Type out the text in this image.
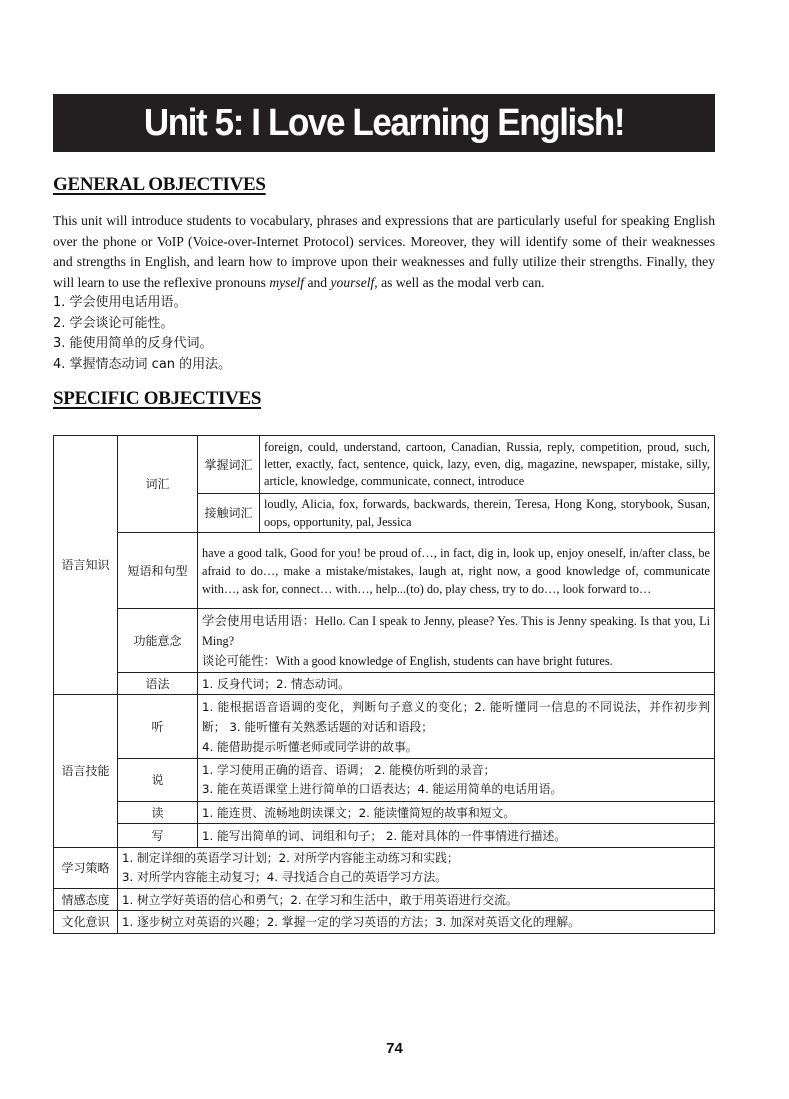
Unit 5: I Love Learning English!
GENERAL OBJECTIVES
This unit will introduce students to vocabulary, phrases and expressions that are particularly useful for speaking English over the phone or VoIP (Voice-over-Internet Protocol) services. Moreover, they will identify some of their weaknesses and strengths in English, and learn how to improve upon their weaknesses and fully utilize their strengths. Finally, they will learn to use the reflexive pronouns myself and yourself, as well as the modal verb can.
1. 学会使用电话用语。
2. 学会谈论可能性。
3. 能使用简单的反身代词。
4. 掌握情态动词 can 的用法。
SPECIFIC OBJECTIVES
语言知识	词汇	掌握词汇	foreign, could, understand, cartoon, Canadian, Russia, reply, competition, proud, such, letter, exactly, fact, sentence, quick, lazy, even, dig, magazine, newspaper, mistake, silly, article, knowledge, communicate, connect, introduce
		接触词汇	loudly, Alicia, fox, forwards, backwards, therein, Teresa, Hong Kong, storybook, Susan, oops, opportunity, pal, Jessica
	短语和句型	have a good talk, Good for you! be proud of…, in fact, dig in, look up, enjoy oneself, in/after class, be afraid to do…, make a mistake/mistakes, laugh at, right now, a good knowledge of, communicate with…, ask for, connect… with…, help...(to) do, play chess, try to do…, look forward to…	
	功能意念	学会使用电话用语：Hello. Can I speak to Jenny, please? Yes. This is Jenny speaking. Is that you, Li Ming?
谈论可能性：With a good knowledge of English, students can have bright futures.	

	语法	1. 反身代词；2. 情态动词。	
语言技能	听	1. 能根据语音语调的变化，判断句子意义的变化；2. 能听懂同一信息的不同说法，并作初步判断； 3. 能听懂有关熟悉话题的对话和语段；
4. 能借助提示听懂老师或同学讲的故事。	

	说	1. 学习使用正确的语音、语调； 2. 能模仿听到的录音；
3. 能在英语课堂上进行简单的口语表达；4. 能运用简单的电话用语。	

	读	1. 能连贯、流畅地朗读课文；2. 能读懂简短的故事和短文。	
	写	1. 能写出简单的词、词组和句子； 2. 能对具体的一件事情进行描述。	
学习策略	1. 制定详细的英语学习计划；2. 对所学内容能主动练习和实践；
3. 对所学内容能主动复习；4. 寻找适合自己的英语学习方法。		

情感态度	1. 树立学好英语的信心和勇气；2. 在学习和生活中，敢于用英语进行交流。		
文化意识	1. 逐步树立对英语的兴趣；2. 掌握一定的学习英语的方法；3. 加深对英语文化的理解。		
74
